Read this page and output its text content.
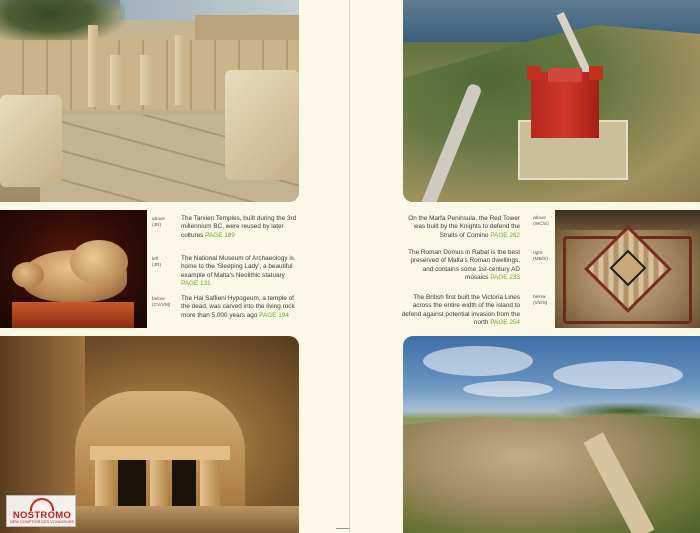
above
(JR)
The Tarxien Temples, built during the 3rd millennium BC, were reused by later cultures PAGE 189
left
(JR)
The National Museum of Archaeology is home to the 'Sleeping Lady', a beautiful example of Malta's Neolithic statuary PAGE 131
below
(CV/VM)
The Hal Saflieni Hypogeum, a temple of the dead, was carved into the living rock more than 5,000 years ago PAGE 194
NOSTROMO
NEW COMPTOIR DES VOYAGEURS
On the Marfa Peninsula, the Red Tower was built by the Knights to defend the Straits of Comino PAGE 262
above
(WC/S)
The Roman Domus in Rabat is the best preserved of Malta's Roman dwellings, and contains some 1st-century AD mosaics PAGE 233
right
(MB/S)
The British first built the Victoria Lines across the entire width of the island to defend against potential invasion from the north PAGE 254
below
(V/DS)
